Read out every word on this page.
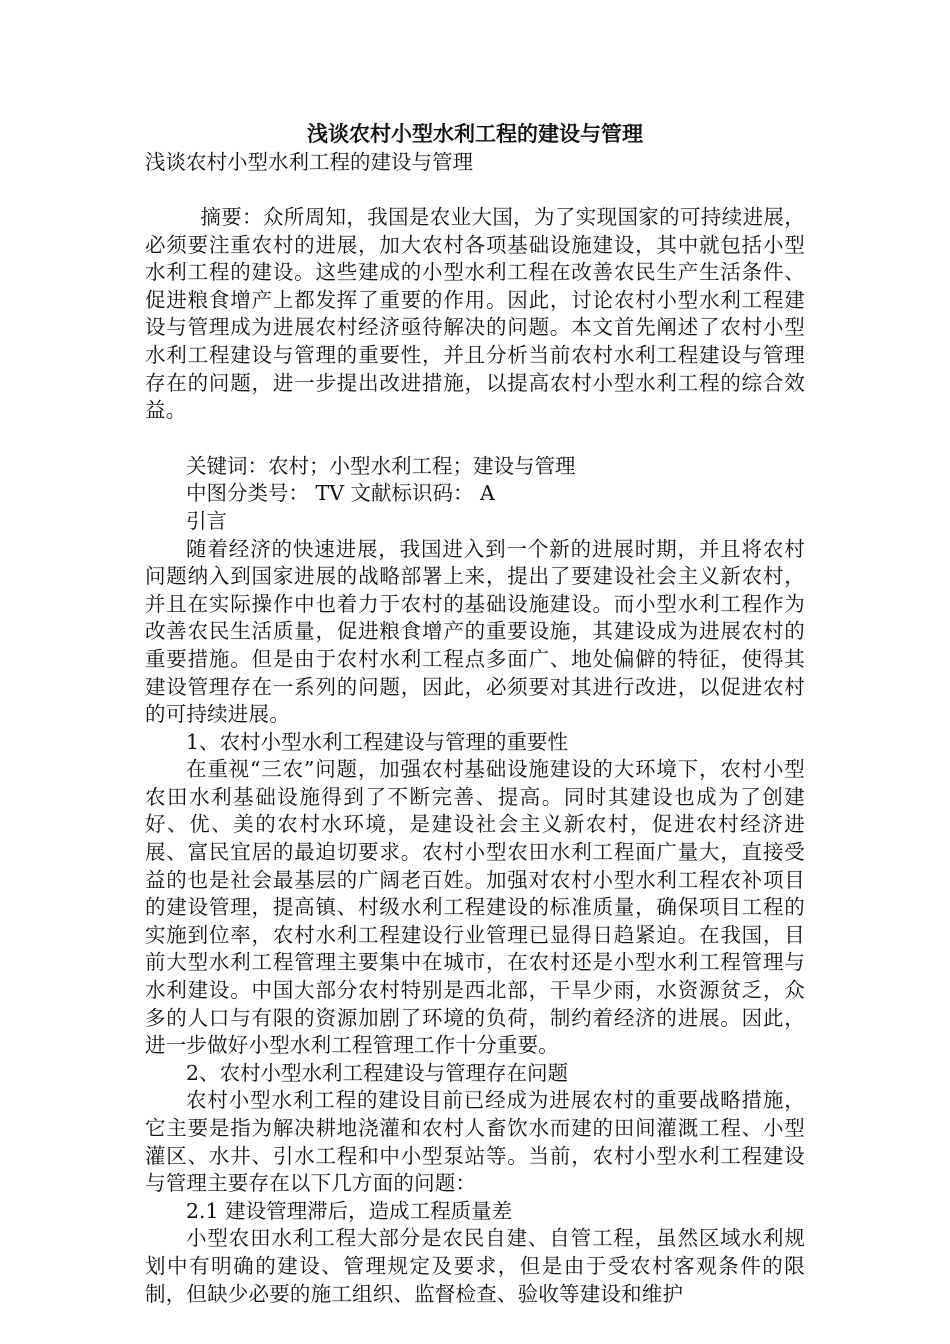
浅谈农村小型水利工程的建设与管理

浅谈农村小型水利工程的建设与管理

摘要：众所周知，我国是农业大国，为了实现国家的可持续进展，必须要注重农村的进展，加大农村各项基础设施建设，其中就包括小型水利工程的建设。这些建成的小型水利工程在改善农民生产生活条件、促进粮食增产上都发挥了重要的作用。因此，讨论农村小型水利工程建设与管理成为进展农村经济亟待解决的问题。本文首先阐述了农村小型水利工程建设与管理的重要性，并且分析当前农村水利工程建设与管理存在的问题，进一步提出改进措施，以提高农村小型水利工程的综合效益。

关键词：农村；小型水利工程；建设与管理

中图分类号： TV 文献标识码： A

引言

随着经济的快速进展，我国进入到一个新的进展时期，并且将农村问题纳入到国家进展的战略部署上来，提出了要建设社会主义新农村，并且在实际操作中也着力于农村的基础设施建设。而小型水利工程作为改善农民生活质量，促进粮食增产的重要设施，其建设成为进展农村的重要措施。但是由于农村水利工程点多面广、地处偏僻的特征，使得其建设管理存在一系列的问题，因此，必须要对其进行改进，以促进农村的可持续进展。

1、农村小型水利工程建设与管理的重要性

在重视“三农”问题，加强农村基础设施建设的大环境下，农村小型农田水利基础设施得到了不断完善、提高。同时其建设也成为了创建好、优、美的农村水环境，是建设社会主义新农村，促进农村经济进展、富民宜居的最迫切要求。农村小型农田水利工程面广量大，直接受益的也是社会最基层的广阔老百姓。加强对农村小型水利工程农补项目的建设管理，提高镇、村级水利工程建设的标准质量，确保项目工程的实施到位率，农村水利工程建设行业管理已显得日趋紧迫。在我国，目前大型水利工程管理主要集中在城市，在农村还是小型水利工程管理与水利建设。中国大部分农村特别是西北部，干旱少雨，水资源贫乏，众多的人口与有限的资源加剧了环境的负荷，制约着经济的进展。因此，进一步做好小型水利工程管理工作十分重要。

2、农村小型水利工程建设与管理存在问题

农村小型水利工程的建设目前已经成为进展农村的重要战略措施，它主要是指为解决耕地浇灌和农村人畜饮水而建的田间灌溉工程、小型灌区、水井、引水工程和中小型泵站等。当前，农村小型水利工程建设与管理主要存在以下几方面的问题：

2.1 建设管理滞后，造成工程质量差

小型农田水利工程大部分是农民自建、自管工程，虽然区域水利规划中有明确的建设、管理规定及要求，但是由于受农村客观条件的限制，但缺少必要的施工组织、监督检查、验收等建设和维护
